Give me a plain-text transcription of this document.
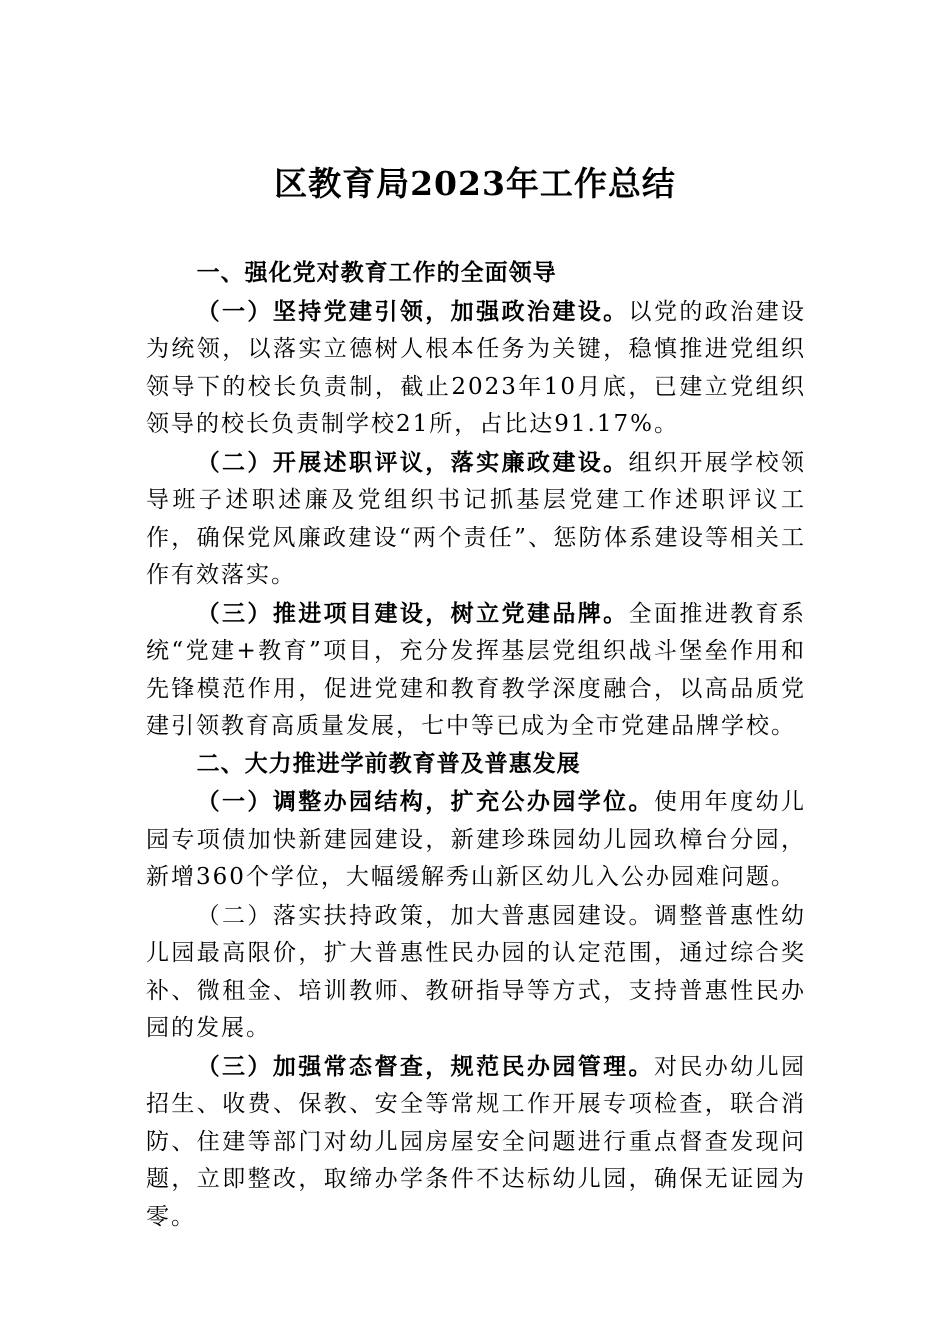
区教育局2023年工作总结

一、强化党对教育工作的全面领导

（一）坚持党建引领，加强政治建设。以党的政治建设为统领，以落实立德树人根本任务为关键，稳慎推进党组织领导下的校长负责制，截止2023年10月底，已建立党组织领导的校长负责制学校21所，占比达91.17%。

（二）开展述职评议，落实廉政建设。组织开展学校领导班子述职述廉及党组织书记抓基层党建工作述职评议工作，确保党风廉政建设“两个责任”、惩防体系建设等相关工作有效落实。

（三）推进项目建设，树立党建品牌。全面推进教育系统“党建+教育”项目，充分发挥基层党组织战斗堡垒作用和先锋模范作用，促进党建和教育教学深度融合，以高品质党建引领教育高质量发展，七中等已成为全市党建品牌学校。

二、大力推进学前教育普及普惠发展

（一）调整办园结构，扩充公办园学位。使用年度幼儿园专项债加快新建园建设，新建珍珠园幼儿园玖樟台分园，新增360个学位，大幅缓解秀山新区幼儿入公办园难问题。

（二）落实扶持政策，加大普惠园建设。调整普惠性幼儿园最高限价，扩大普惠性民办园的认定范围，通过综合奖补、微租金、培训教师、教研指导等方式，支持普惠性民办园的发展。

（三）加强常态督查，规范民办园管理。对民办幼儿园招生、收费、保教、安全等常规工作开展专项检查，联合消防、住建等部门对幼儿园房屋安全问题进行重点督查发现问题，立即整改，取缔办学条件不达标幼儿园，确保无证园为零。
